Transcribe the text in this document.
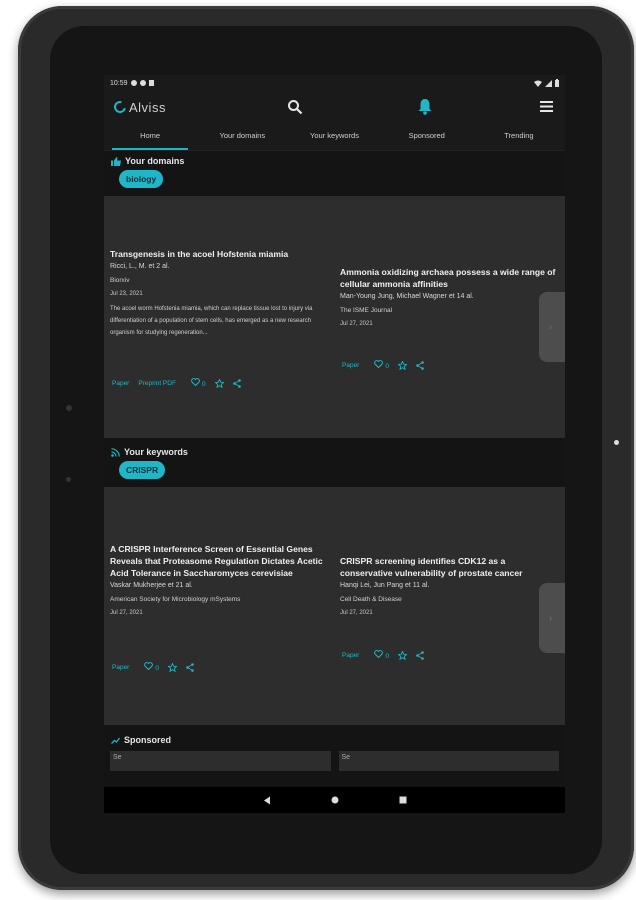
10:59
Alviss
Home	Your domains	Your keywords	Sponsored	Trending
Your domains
biology
Transgenesis in the acoel Hofstenia miamia
Ricci, L., M. et 2 al.
Biorxiv
Jul 23, 2021
The acoel worm Hofstenia miamia, which can replace tissue lost to injury via differentiation of a population of stem cells, has emerged as a new research organism for studying regeneration...
Paper Preprint PDF	0
Ammonia oxidizing archaea possess a wide range of cellular ammonia affinities
Man-Young Jung, Michael Wagner et 14 al.
The ISME Journal
Jul 27, 2021
Paper	0
›
Your keywords
CRISPR
A CRISPR Interference Screen of Essential Genes Reveals that Proteasome Regulation Dictates Acetic Acid Tolerance in Saccharomyces cerevisiae
Vaskar Mukherjee et 21 al.
American Society for Microbiology mSystems
Jul 27, 2021
Paper	0
CRISPR screening identifies CDK12 as a conservative vulnerability of prostate cancer
Hanqi Lei, Jun Pang et 11 al.
Cell Death & Disease
Jul 27, 2021
Paper	0
›
Sponsored
Se	Se
